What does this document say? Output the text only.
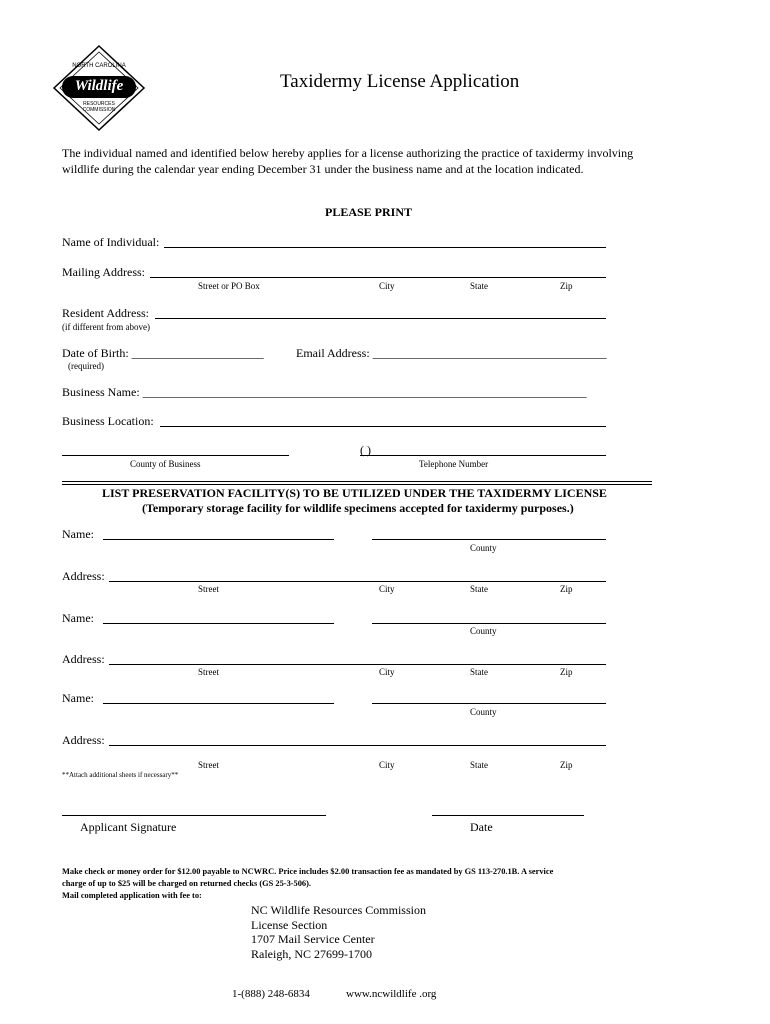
NORTH CAROLINA
Wildlife
RESOURCES COMMISSION
Taxidermy License Application
The individual named and identified below hereby applies for a license authorizing the practice of taxidermy involving
wildlife during the calendar year ending December 31 under the business name and at the location indicated.
PLEASE PRINT
Name of Individual:
Mailing Address:
Street or PO Box	City	State	Zip
Resident Address:
(if different from above)
Date of Birth: ______________________
(required)
Email Address: _______________________________________
Business Name: __________________________________________________________________________
Business Location:
County of Business
( )
Telephone Number
LIST PRESERVATION FACILITY(S) TO BE UTILIZED UNDER THE TAXIDERMY LICENSE
(Temporary storage facility for wildlife specimens accepted for taxidermy purposes.)
Name:
County
Address:
Street	City	State	Zip
Name:
County
Address:
Street	City	State	Zip
Name:
County
Address:
Street	City	State	Zip
**Attach additional sheets if necessary**
Applicant Signature	Date
Make check or money order for $12.00 payable to NCWRC. Price includes $2.00 transaction fee as mandated by GS 113-270.1B. A service
charge of up to $25 will be charged on returned checks (GS 25-3-506).
Mail completed application with fee to:
NC Wildlife Resources Commission
License Section
1707 Mail Service Center
Raleigh, NC 27699-1700
1-(888) 248-6834	www.ncwildlife .org
